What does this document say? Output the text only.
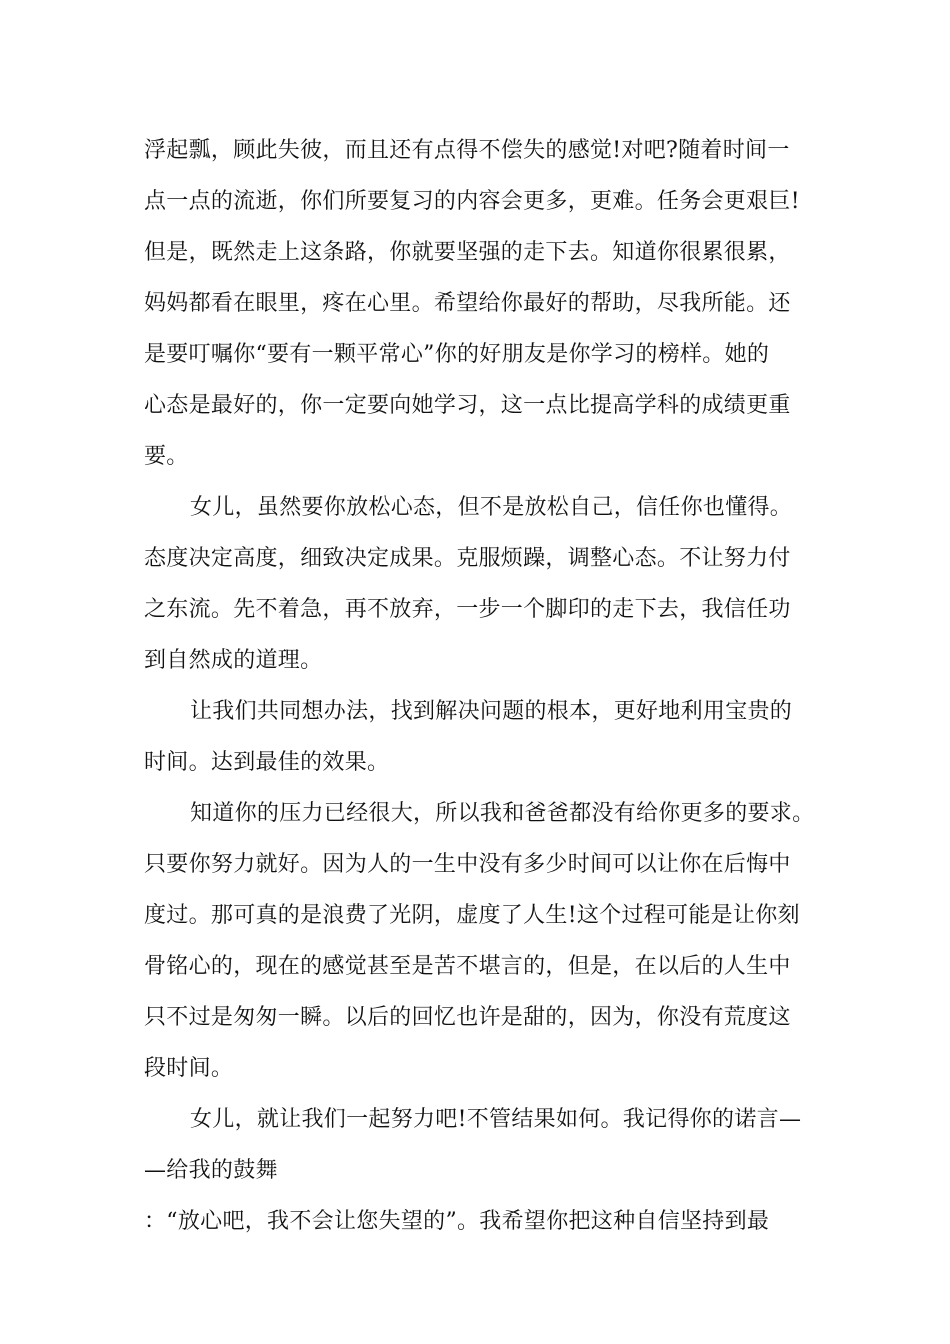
浮起瓢，顾此失彼，而且还有点得不偿失的感觉!对吧?随着时间一
点一点的流逝，你们所要复习的内容会更多，更难。任务会更艰巨!
但是，既然走上这条路，你就要坚强的走下去。知道你很累很累，
妈妈都看在眼里，疼在心里。希望给你最好的帮助，尽我所能。还
是要叮嘱你“要有一颗平常心”你的好朋友是你学习的榜样。她的
心态是最好的，你一定要向她学习，这一点比提高学科的成绩更重
要。
女儿，虽然要你放松心态，但不是放松自己，信任你也懂得。
态度决定高度，细致决定成果。克服烦躁，调整心态。不让努力付
之东流。先不着急，再不放弃，一步一个脚印的走下去，我信任功
到自然成的道理。
让我们共同想办法，找到解决问题的根本，更好地利用宝贵的
时间。达到最佳的效果。
知道你的压力已经很大，所以我和爸爸都没有给你更多的要求。
只要你努力就好。因为人的一生中没有多少时间可以让你在后悔中
度过。那可真的是浪费了光阴，虚度了人生!这个过程可能是让你刻
骨铭心的，现在的感觉甚至是苦不堪言的，但是，在以后的人生中
只不过是匆匆一瞬。以后的回忆也许是甜的，因为，你没有荒度这
段时间。
女儿，就让我们一起努力吧!不管结果如何。我记得你的诺言—
—给我的鼓舞
：“放心吧，我不会让您失望的”。我希望你把这种自信坚持到最
